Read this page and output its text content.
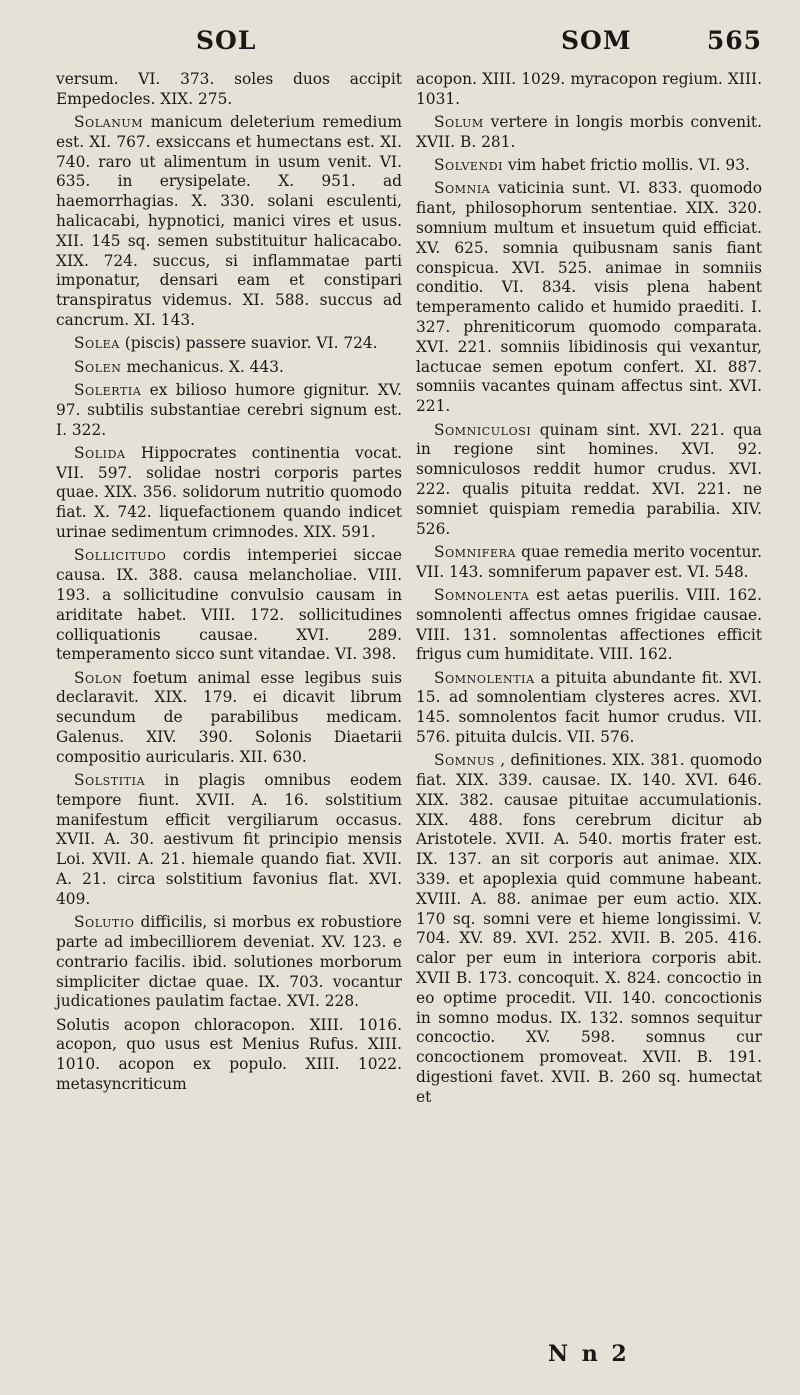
SOL	SOM	565

versum. VI. 373. soles duos accipit Empedocles. XIX. 275.

Solanum manicum deleterium remedium est. XI. 767. exsiccans et humectans est. XI. 740. raro ut alimentum in usum venit. VI. 635. in erysipelate. X. 951. ad haemorrhagias. X. 330. solani esculenti, halicacabi, hypnotici, manici vires et usus. XII. 145 sq. semen substituitur halicacabo. XIX. 724. succus, si inflammatae parti imponatur, densari eam et constipari transpiratus videmus. XI. 588. succus ad cancrum. XI. 143.

Solea (piscis) passere suavior. VI. 724.

Solen mechanicus. X. 443.

Solertia ex bilioso humore gignitur. XV. 97. subtilis substantiae cerebri signum est. I. 322.

Solida Hippocrates continentia vocat. VII. 597. solidae nostri corporis partes quae. XIX. 356. solidorum nutritio quomodo fiat. X. 742. liquefactionem quando indicet urinae sedimentum crimnodes. XIX. 591.

Sollicitudo cordis intemperiei siccae causa. IX. 388. causa melancholiae. VIII. 193. a sollicitudine convulsio causam in ariditate habet. VIII. 172. sollicitudines colliquationis causae. XVI. 289. temperamento sicco sunt vitandae. VI. 398.

Solon foetum animal esse legibus suis declaravit. XIX. 179. ei dicavit librum secundum de parabilibus medicam. Galenus. XIV. 390. Solonis Diaetarii compositio auricularis. XII. 630.

Solstitia in plagis omnibus eodem tempore fiunt. XVII. A. 16. solstitium manifestum efficit vergiliarum occasus. XVII. A. 30. aestivum fit principio mensis Loi. XVII. A. 21. hiemale quando fiat. XVII. A. 21. circa solstitium favonius flat. XVI. 409.

Solutio difficilis, si morbus ex robustiore parte ad imbecilliorem deveniat. XV. 123. e contrario facilis. ibid. solutiones morborum simpliciter dictae quae. IX. 703. vocantur judicationes paulatim factae. XVI. 228.

Solutis acopon chloracopon. XIII. 1016. acopon, quo usus est Menius Rufus. XIII. 1010. acopon ex populo. XIII. 1022. metasyncriticum

acopon. XIII. 1029. myracopon regium. XIII. 1031.

Solum vertere in longis morbis convenit. XVII. B. 281.

Solvendi vim habet frictio mollis. VI. 93.

Somnia vaticinia sunt. VI. 833. quomodo fiant, philosophorum sententiae. XIX. 320. somnium multum et insuetum quid efficiat. XV. 625. somnia quibusnam sanis fiant conspicua. XVI. 525. animae in somniis conditio. VI. 834. visis plena habent temperamento calido et humido praediti. I. 327. phreniticorum quomodo comparata. XVI. 221. somniis libidinosis qui vexantur, lactucae semen epotum confert. XI. 887. somniis vacantes quinam affectus sint. XVI. 221.

Somniculosi quinam sint. XVI. 221. qua in regione sint homines. XVI. 92. somniculosos reddit humor crudus. XVI. 222. qualis pituita reddat. XVI. 221. ne somniet quispiam remedia parabilia. XIV. 526.

Somnifera quae remedia merito vocentur. VII. 143. somniferum papaver est. VI. 548.

Somnolenta est aetas puerilis. VIII. 162. somnolenti affectus omnes frigidae causae. VIII. 131. somnolentas affectiones efficit frigus cum humiditate. VIII. 162.

Somnolentia a pituita abundante fit. XVI. 15. ad somnolentiam clysteres acres. XVI. 145. somnolentos facit humor crudus. VII. 576. pituita dulcis. VII. 576.

Somnus , definitiones. XIX. 381. quomodo fiat. XIX. 339. causae. IX. 140. XVI. 646. XIX. 382. causae pituitae accumulationis. XIX. 488. fons cerebrum dicitur ab Aristotele. XVII. A. 540. mortis frater est. IX. 137. an sit corporis aut animae. XIX. 339. et apoplexia quid commune habeant. XVIII. A. 88. animae per eum actio. XIX. 170 sq. somni vere et hieme longissimi. V. 704. XV. 89. XVI. 252. XVII. B. 205. 416. calor per eum in interiora corporis abit. XVII B. 173. concoquit. X. 824. concoctio in eo optime procedit. VII. 140. concoctionis in somno modus. IX. 132. somnos sequitur concoctio. XV. 598. somnus cur concoctionem promoveat. XVII. B. 191. digestioni favet. XVII. B. 260 sq. humectat et

N n 2
